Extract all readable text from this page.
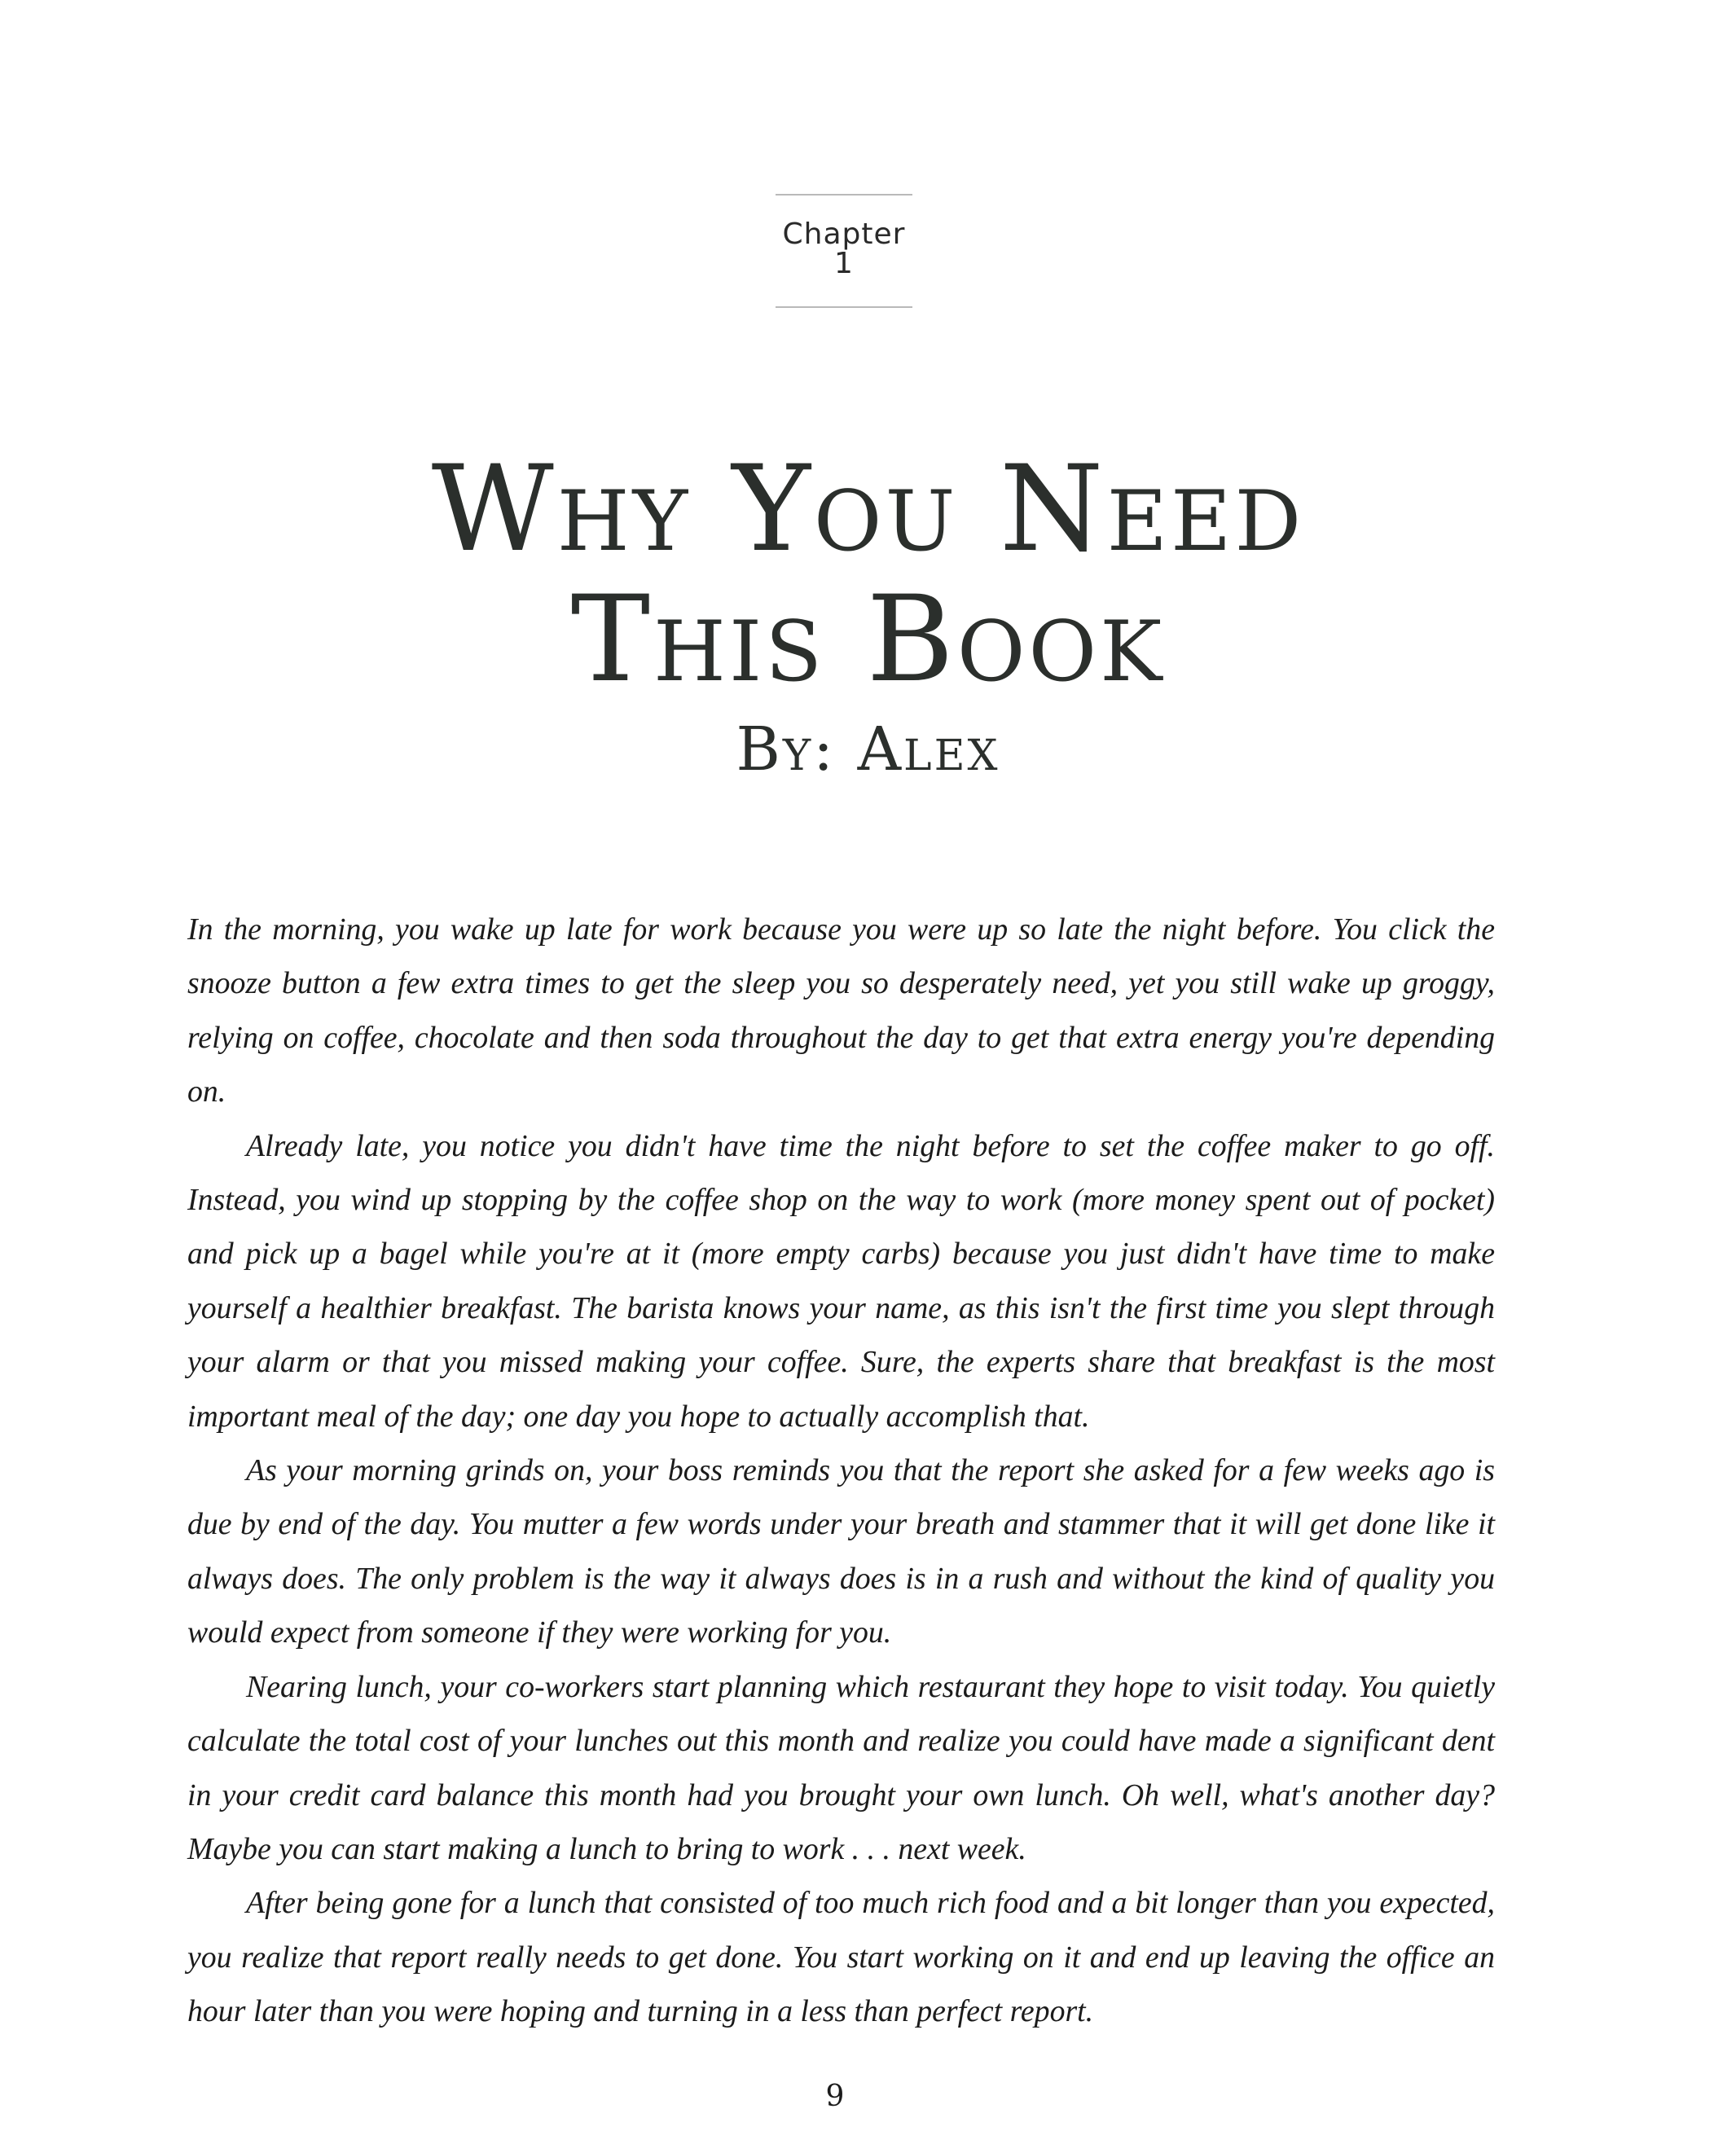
Chapter 1
Why You Need
This Book
By: Alex

In the morning, you wake up late for work because you were up so late the night before. You click the snooze button a few extra times to get the sleep you so desperately need, yet you still wake up groggy, relying on coffee, chocolate and then soda throughout the day to get that extra energy you're depending on.

Already late, you notice you didn't have time the night before to set the coffee maker to go off. Instead, you wind up stopping by the coffee shop on the way to work (more money spent out of pocket) and pick up a bagel while you're at it (more empty carbs) because you just didn't have time to make yourself a healthier breakfast. The barista knows your name, as this isn't the first time you slept through your alarm or that you missed making your coffee. Sure, the experts share that breakfast is the most important meal of the day; one day you hope to actually accomplish that.

As your morning grinds on, your boss reminds you that the report she asked for a few weeks ago is due by end of the day. You mutter a few words under your breath and stammer that it will get done like it always does. The only problem is the way it always does is in a rush and without the kind of quality you would expect from someone if they were working for you.

Nearing lunch, your co-workers start planning which restaurant they hope to visit today. You quietly calculate the total cost of your lunches out this month and realize you could have made a significant dent in your credit card balance this month had you brought your own lunch. Oh well, what's another day? Maybe you can start making a lunch to bring to work . . . next week.

After being gone for a lunch that consisted of too much rich food and a bit longer than you expected, you realize that report really needs to get done. You start working on it and end up leaving the office an hour later than you were hoping and turning in a less than perfect report.

9
